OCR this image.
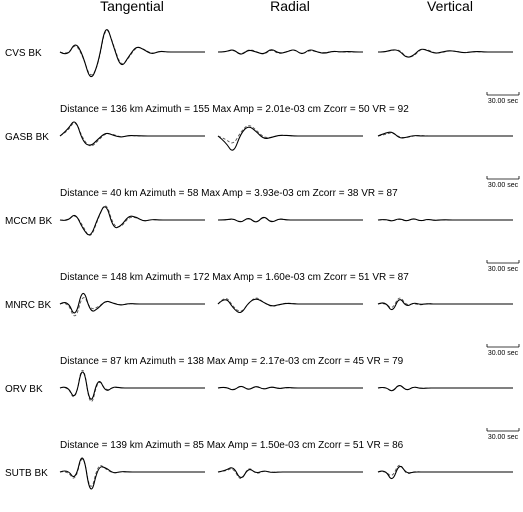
Tangential	Radial	Vertical
CVS BK
Distance = 136 km Azimuth = 155 Max Amp = 2.01e-03 cm Zcorr = 50 VR = 92
30.00 sec
GASB BK
Distance = 40 km Azimuth = 58 Max Amp = 3.93e-03 cm Zcorr = 38 VR = 87
30.00 sec
MCCM BK
Distance = 148 km Azimuth = 172 Max Amp = 1.60e-03 cm Zcorr = 51 VR = 87
30.00 sec
MNRC BK
Distance = 87 km Azimuth = 138 Max Amp = 2.17e-03 cm Zcorr = 45 VR = 79
30.00 sec
ORV BK
Distance = 139 km Azimuth = 85 Max Amp = 1.50e-03 cm Zcorr = 51 VR = 86
30.00 sec
SUTB BK
